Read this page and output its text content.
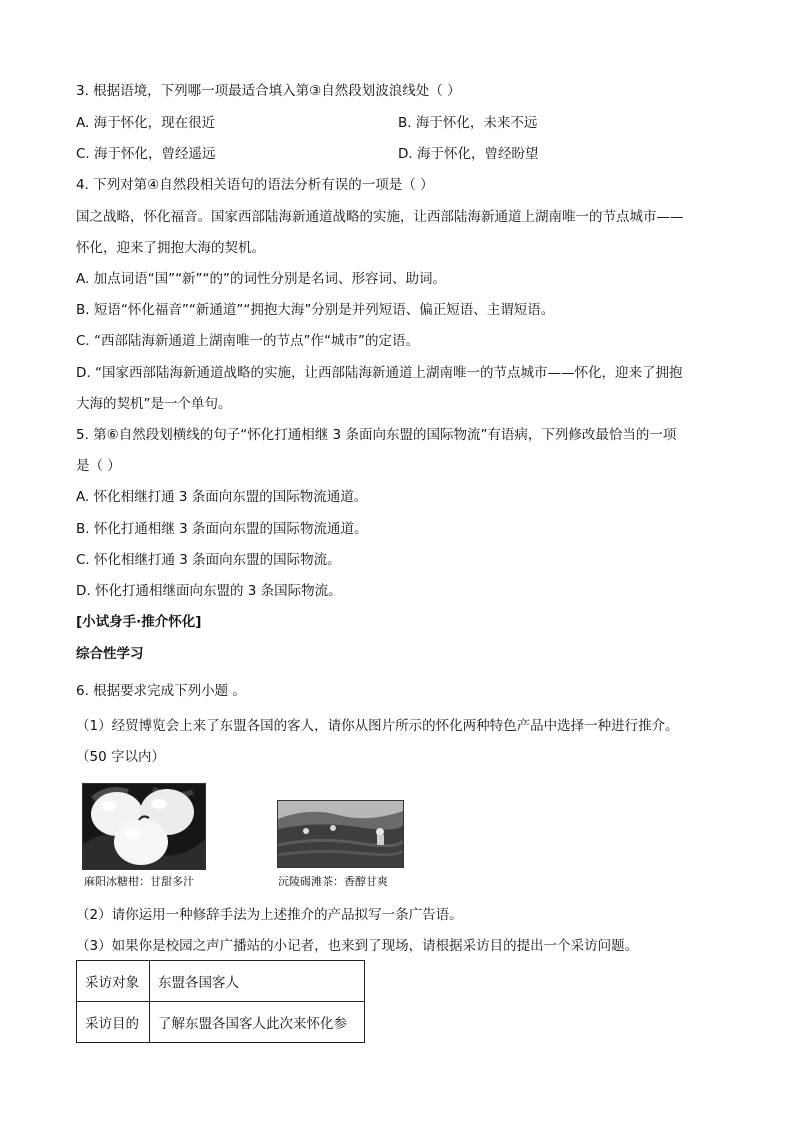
3. 根据语境，下列哪一项最适合填入第③自然段划波浪线处（ ）
A. 海于怀化，现在很近	B. 海于怀化，未来不远
C. 海于怀化，曾经遥远	D. 海于怀化，曾经盼望
4. 下列对第④自然段相关语句的语法分析有误的一项是（ ）
国之战略，怀化福音。国家西部陆海新通道战略的实施，让西部陆海新通道上湖南唯一的节点城市——
怀化，迎来了拥抱大海的契机。
A. 加点词语“国”“新”“的”的词性分别是名词、形容词、助词。
B. 短语“怀化福音”“新通道”“拥抱大海”分别是并列短语、偏正短语、主谓短语。
C. “西部陆海新通道上湖南唯一的节点”作“城市”的定语。
D. “国家西部陆海新通道战略的实施，让西部陆海新通道上湖南唯一的节点城市——怀化，迎来了拥抱
大海的契机”是一个单句。
5. 第⑥自然段划横线的句子“怀化打通相继 3 条面向东盟的国际物流”有语病，下列修改最恰当的一项
是（ ）
A. 怀化相继打通 3 条面向东盟的国际物流通道。
B. 怀化打通相继 3 条面向东盟的国际物流通道。
C. 怀化相继打通 3 条面向东盟的国际物流。
D. 怀化打通相继面向东盟的 3 条国际物流。
[小试身手·推介怀化]
综合性学习
6. 根据要求完成下列小题 。
（1）经贸博览会上来了东盟各国的客人，请你从图片所示的怀化两种特色产品中选择一种进行推介。
（50 字以内）
麻阳冰糖柑：甘甜多汁	沅陵碣滩茶：香醇甘爽
（2）请你运用一种修辞手法为上述推介的产品拟写一条广告语。
（3）如果你是校园之声广播站的小记者，也来到了现场，请根据采访目的提出一个采访问题。
采访对象	东盟各国客人
采访目的	了解东盟各国客人此次来怀化参
